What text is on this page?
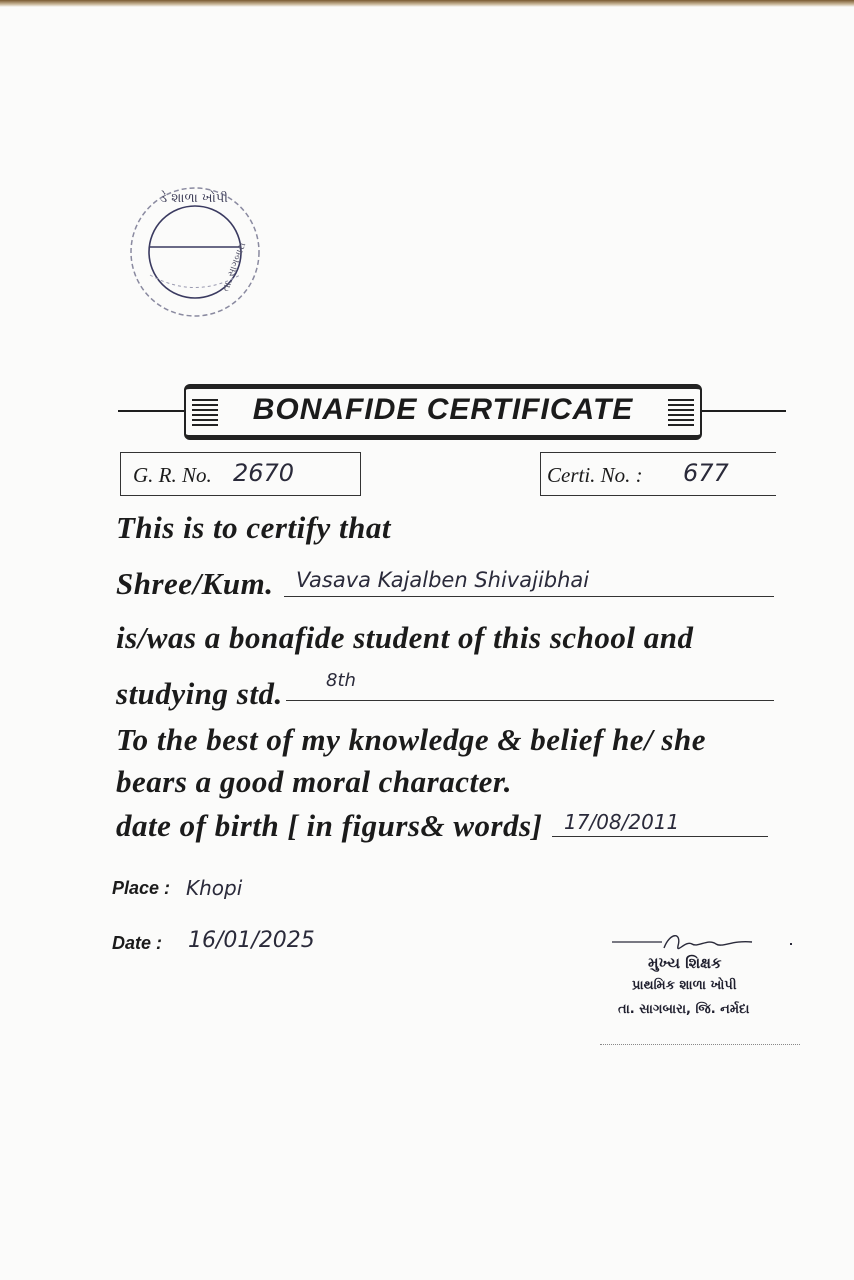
ડે શાળા ખોપી
તા. સાગબારા
BONAFIDE CERTIFICATE
G. R. No. 2670	Certi. No. : 677
This is to certify that
Shree/Kum. Vasava Kajalben Shivajibhai
is/was a bonafide student of this school and
studying std. 8th
To the best of my knowledge & belief he/ she
bears a good moral character.
date of birth [ in figurs& words] 17/08/2011
Place : Khopi
Date : 16/01/2025
મુખ્ય શિક્ષક
પ્રાથમિક શાળા ખોપી
તા. સાગબારા, જિ. નર્મદા
